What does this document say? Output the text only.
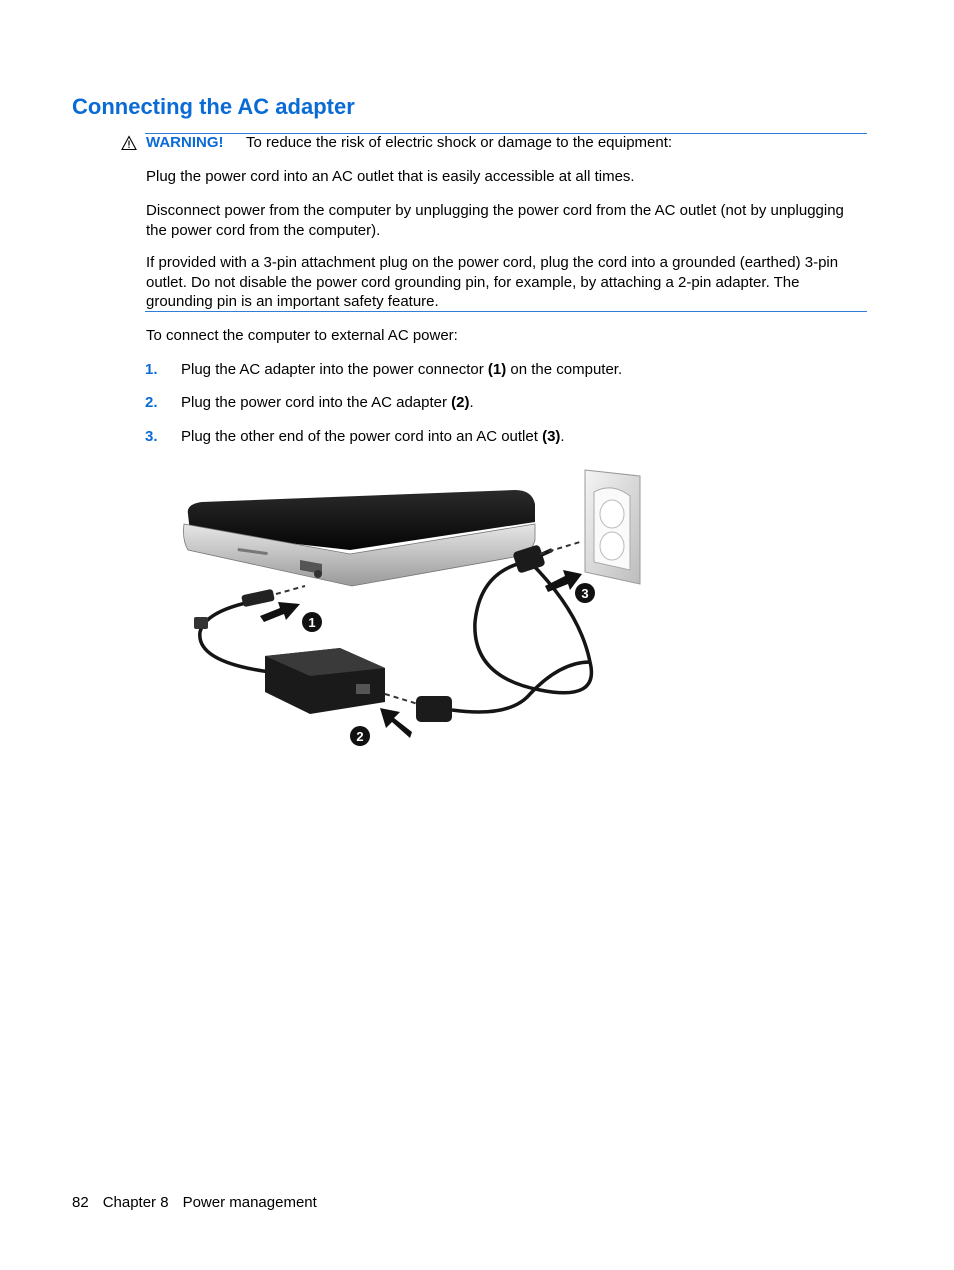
Connecting the AC adapter
WARNING! To reduce the risk of electric shock or damage to the equipment:

Plug the power cord into an AC outlet that is easily accessible at all times.

Disconnect power from the computer by unplugging the power cord from the AC outlet (not by unplugging the power cord from the computer).

If provided with a 3-pin attachment plug on the power cord, plug the cord into a grounded (earthed) 3-pin outlet. Do not disable the power cord grounding pin, for example, by attaching a 2-pin adapter. The grounding pin is an important safety feature.

To connect the computer to external AC power:

1. Plug the AC adapter into the power connector (1) on the computer.
2. Plug the power cord into the AC adapter (2).
3. Plug the other end of the power cord into an AC outlet (3).
1
2
3
82 Chapter 8 Power management
